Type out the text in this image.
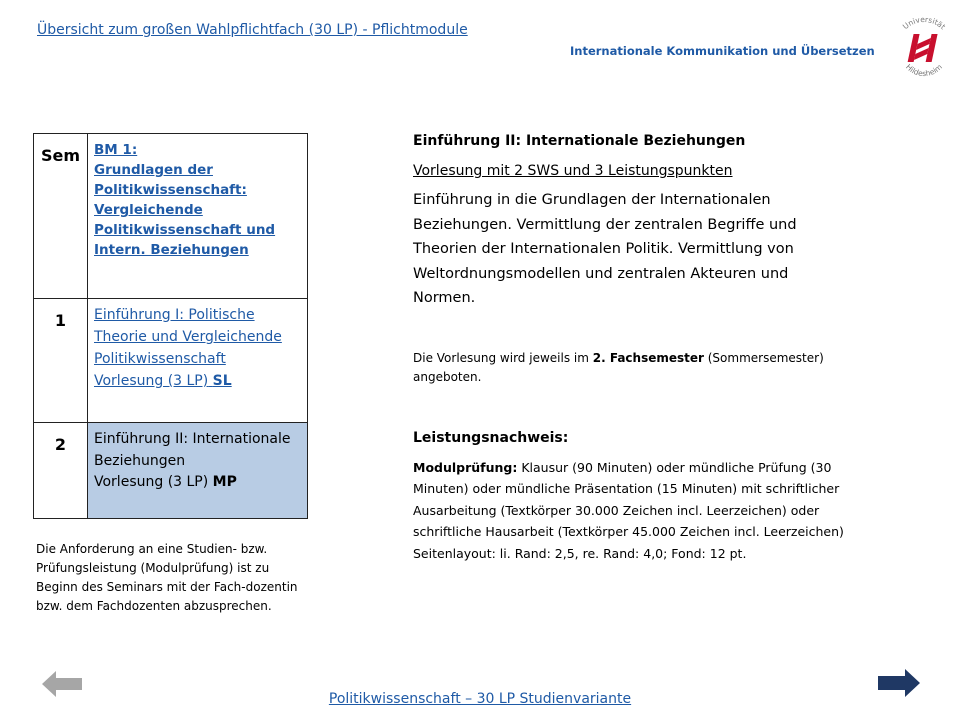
Übersicht zum großen Wahlpflichtfach (30 LP) - Pflichtmodule
Internationale Kommunikation und Übersetzen
Universität
Hildesheim
Sem	BM 1:
Grundlagen der Politikwissenschaft: Vergleichende Politikwissenschaft und Intern. Beziehungen
1	Einführung I: Politische Theorie und Vergleichende Politikwissenschaft
Vorlesung (3 LP) SL
2	Einführung II: Internationale Beziehungen
Vorlesung (3 LP) MP
Die Anforderung an eine Studien- bzw. Prüfungsleistung (Modulprüfung) ist zu Beginn des Seminars mit der Fach-dozentin bzw. dem Fachdozenten abzusprechen.
Einführung II: Internationale Beziehungen
Vorlesung mit 2 SWS und 3 Leistungspunkten
Einführung in die Grundlagen der Internationalen Beziehungen. Vermittlung der zentralen Begriffe und Theorien der Internationalen Politik. Vermittlung von Weltordnungsmodellen und zentralen Akteuren und Normen.
Die Vorlesung wird jeweils im 2. Fachsemester (Sommersemester) angeboten.
Leistungsnachweis:
Modulprüfung: Klausur (90 Minuten) oder mündliche Prüfung (30 Minuten) oder mündliche Präsentation (15 Minuten) mit schriftlicher Ausarbeitung (Textkörper 30.000 Zeichen incl. Leerzeichen) oder schriftliche Hausarbeit (Textkörper 45.000 Zeichen incl. Leerzeichen) Seitenlayout: li. Rand: 2,5, re. Rand: 4,0; Fond: 12 pt.
Politikwissenschaft – 30 LP Studienvariante
